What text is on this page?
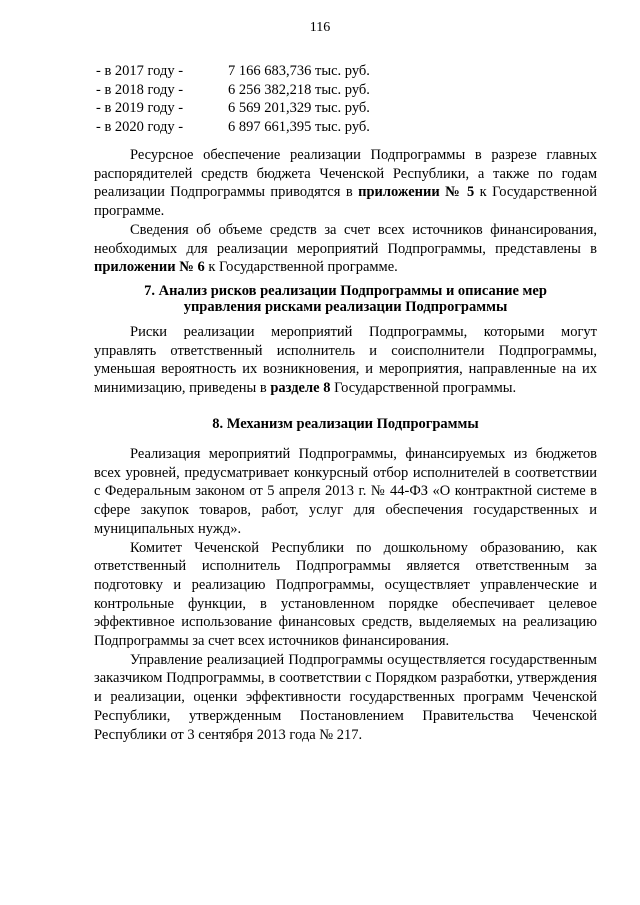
116
- в 2017 году -	7 166 683,736 тыс. руб.
- в 2018 году -	6 256 382,218 тыс. руб.
- в 2019 году -	6 569 201,329 тыс. руб.
- в 2020 году -	6 897 661,395 тыс. руб.

Ресурсное обеспечение реализации Подпрограммы в разрезе главных распорядителей средств бюджета Чеченской Республики, а также по годам реализации Подпрограммы приводятся в приложении № 5 к Государственной программе.

Сведения об объеме средств за счет всех источников финансирования, необходимых для реализации мероприятий Подпрограммы, представлены в приложении № 6 к Государственной программе.

7. Анализ рисков реализации Подпрограммы и описание мер
управления рисками реализации Подпрограммы

Риски реализации мероприятий Подпрограммы, которыми могут управлять ответственный исполнитель и соисполнители Подпрограммы, уменьшая вероятность их возникновения, и мероприятия, направленные на их минимизацию, приведены в разделе 8 Государственной программы.

8. Механизм реализации Подпрограммы

Реализация мероприятий Подпрограммы, финансируемых из бюджетов всех уровней, предусматривает конкурсный отбор исполнителей в соответствии с Федеральным законом от 5 апреля 2013 г. № 44-ФЗ «О контрактной системе в сфере закупок товаров, работ, услуг для обеспечения государственных и муниципальных нужд».

Комитет Чеченской Республики по дошкольному образованию, как ответственный исполнитель Подпрограммы является ответственным за подготовку и реализацию Подпрограммы, осуществляет управленческие и контрольные функции, в установленном порядке обеспечивает целевое эффективное использование финансовых средств, выделяемых на реализацию Подпрограммы за счет всех источников финансирования.

Управление реализацией Подпрограммы осуществляется государственным заказчиком Подпрограммы, в соответствии с Порядком разработки, утверждения и реализации, оценки эффективности государственных программ Чеченской Республики, утвержденным Постановлением Правительства Чеченской Республики от 3 сентября 2013 года № 217.
